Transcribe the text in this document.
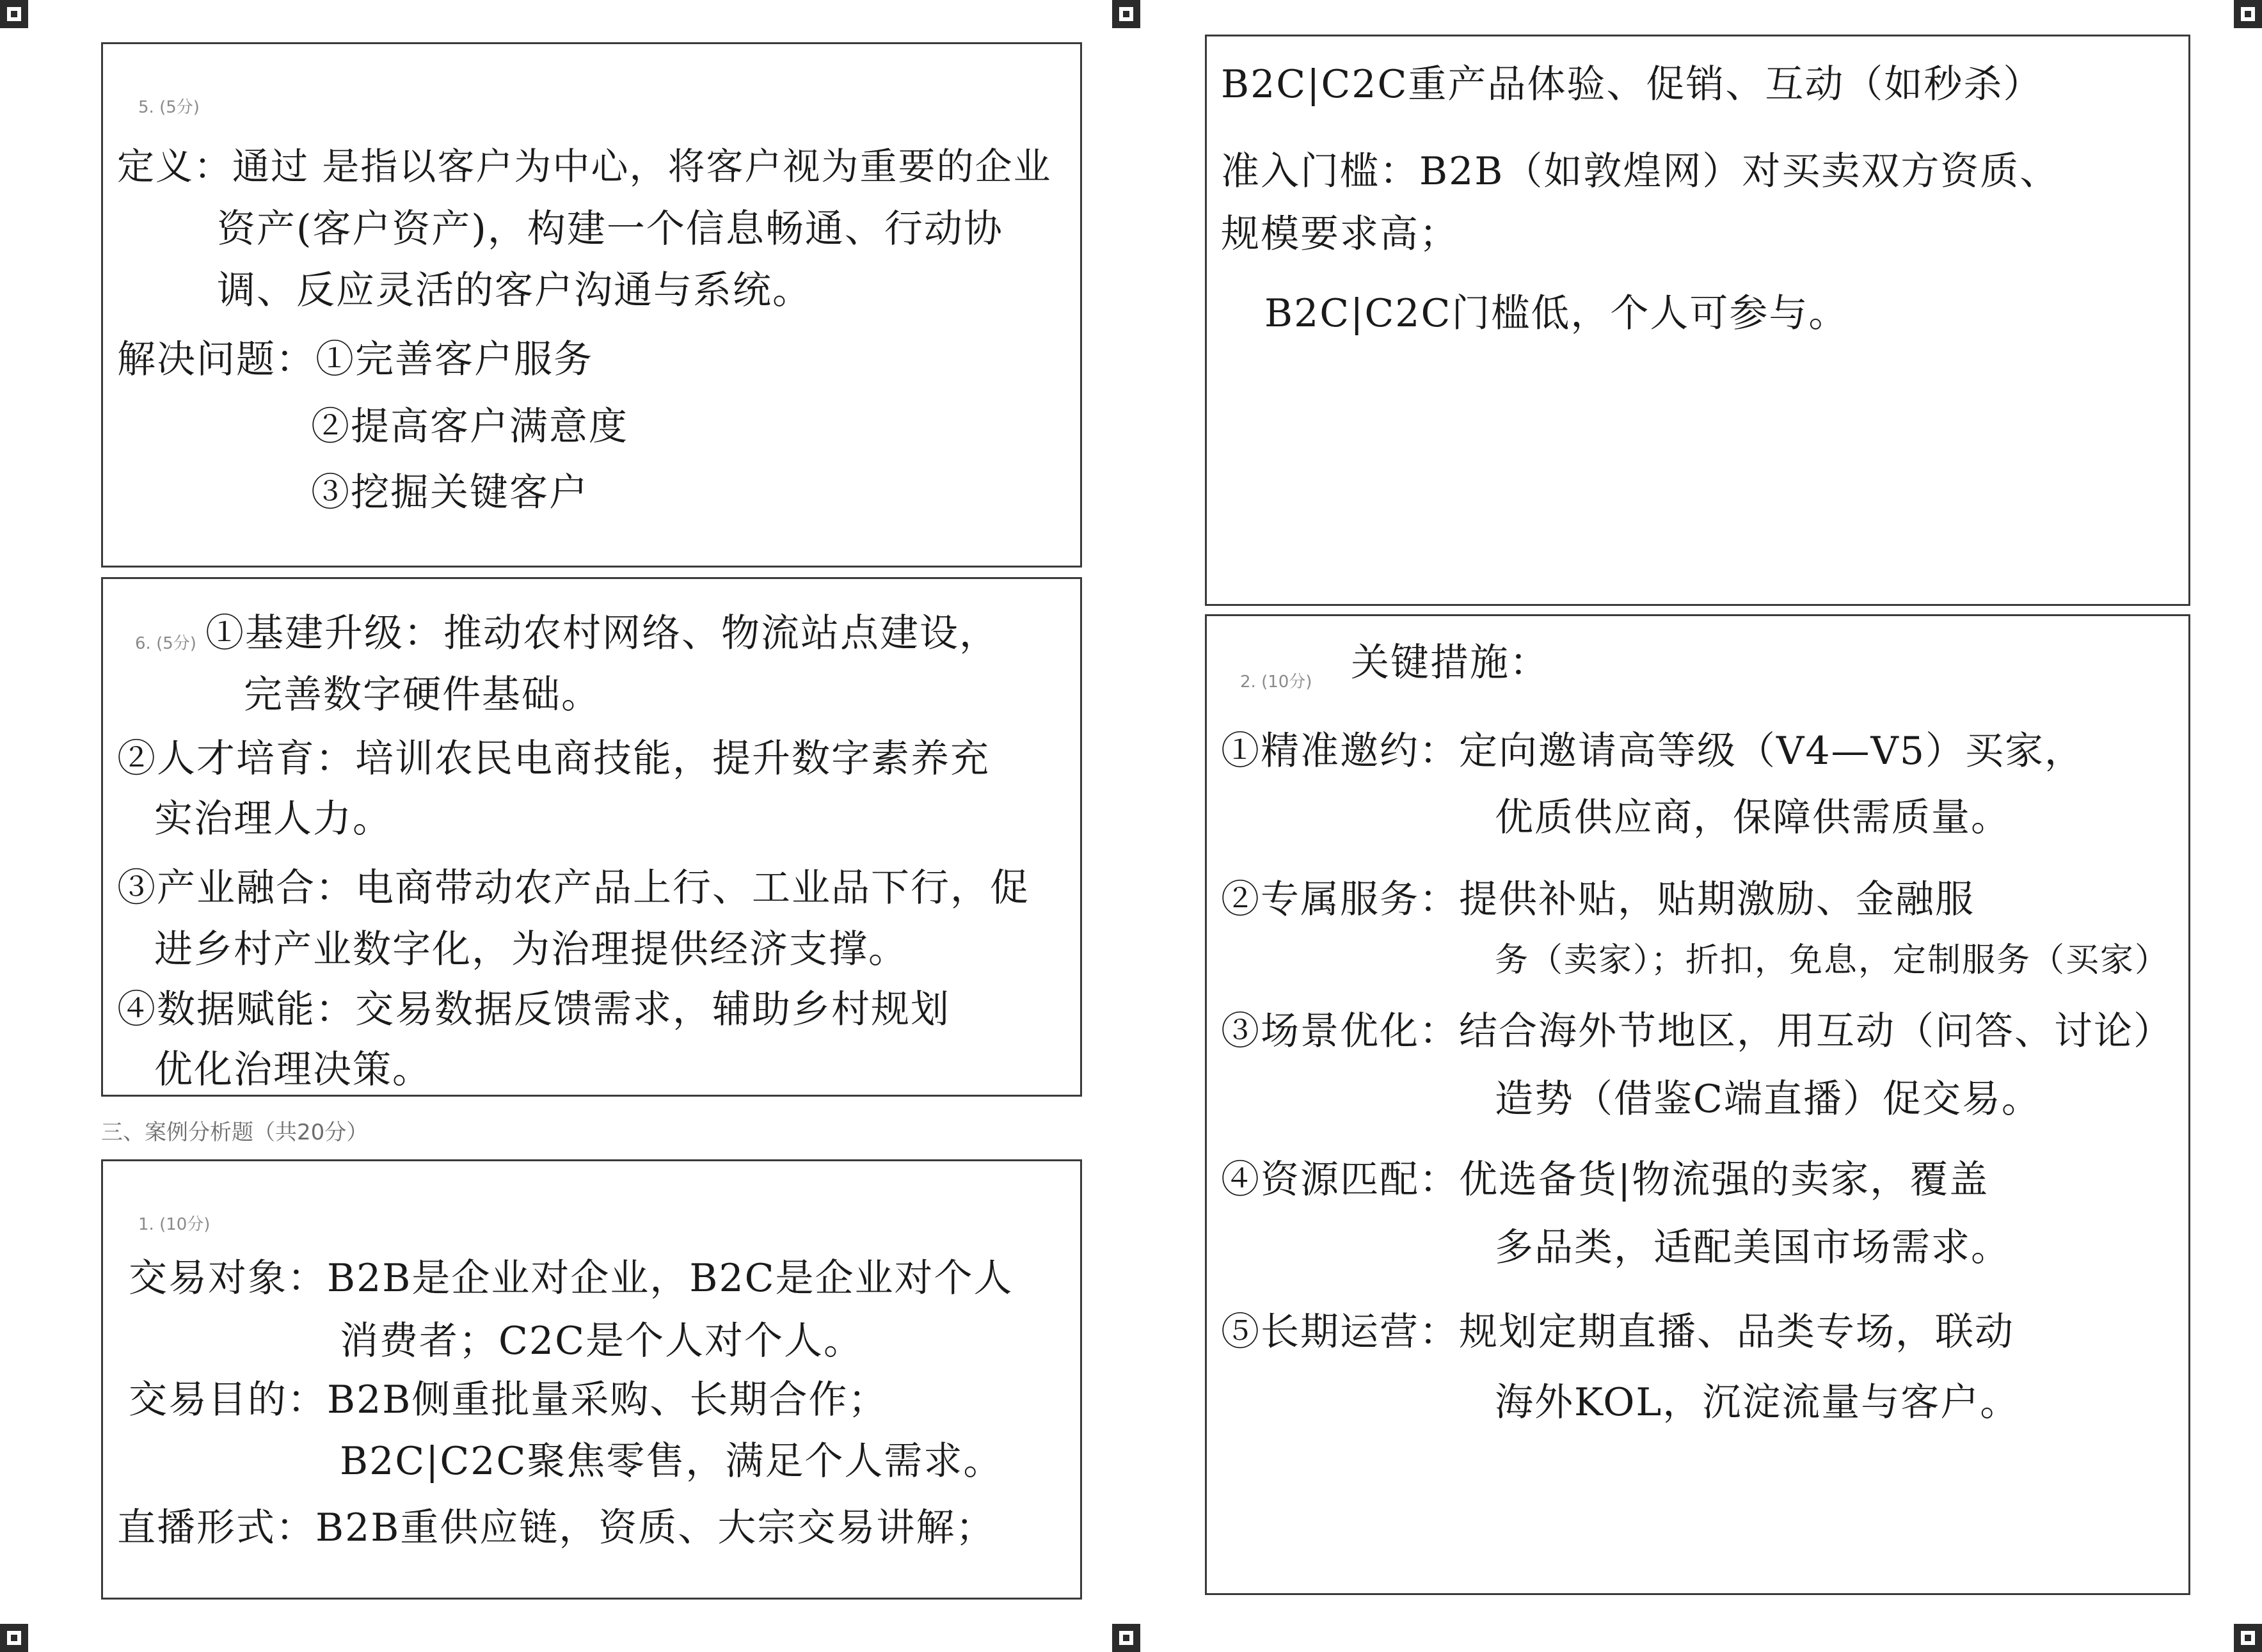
5. (5分)
定义：通过 是指以客户为中心，将客户视为重要的企业
资产(客户资产)，构建一个信息畅通、行动协
调、反应灵活的客户沟通与系统。
解决问题：①完善客户服务
②提高客户满意度
③挖掘关键客户
6. (5分) ①基建升级：推动农村网络、物流站点建设，
完善数字硬件基础。
②人才培育：培训农民电商技能，提升数字素养充
实治理人力。
③产业融合：电商带动农产品上行、工业品下行，促
进乡村产业数字化，为治理提供经济支撑。
④数据赋能：交易数据反馈需求，辅助乡村规划
优化治理决策。
三、案例分析题（共20分）
1. (10分)
交易对象：B2B是企业对企业，B2C是企业对个人
消费者；C2C是个人对个人。
交易目的：B2B侧重批量采购、长期合作；
B2C|C2C聚焦零售，满足个人需求。
直播形式：B2B重供应链，资质、大宗交易讲解；
B2C|C2C重产品体验、促销、互动（如秒杀）
准入门槛：B2B（如敦煌网）对买卖双方资质、
规模要求高；
B2C|C2C门槛低，个人可参与。
2. (10分) 关键措施：
①精准邀约：定向邀请高等级（V4—V5）买家，
优质供应商，保障供需质量。
②专属服务：提供补贴，贴期激励、金融服
务（卖家）；折扣，免息，定制服务（买家）
③场景优化：结合海外节地区，用互动（问答、讨论）
造势（借鉴C端直播）促交易。
④资源匹配：优选备货|物流强的卖家，覆盖
多品类，适配美国市场需求。
⑤长期运营：规划定期直播、品类专场，联动
海外KOL，沉淀流量与客户。
